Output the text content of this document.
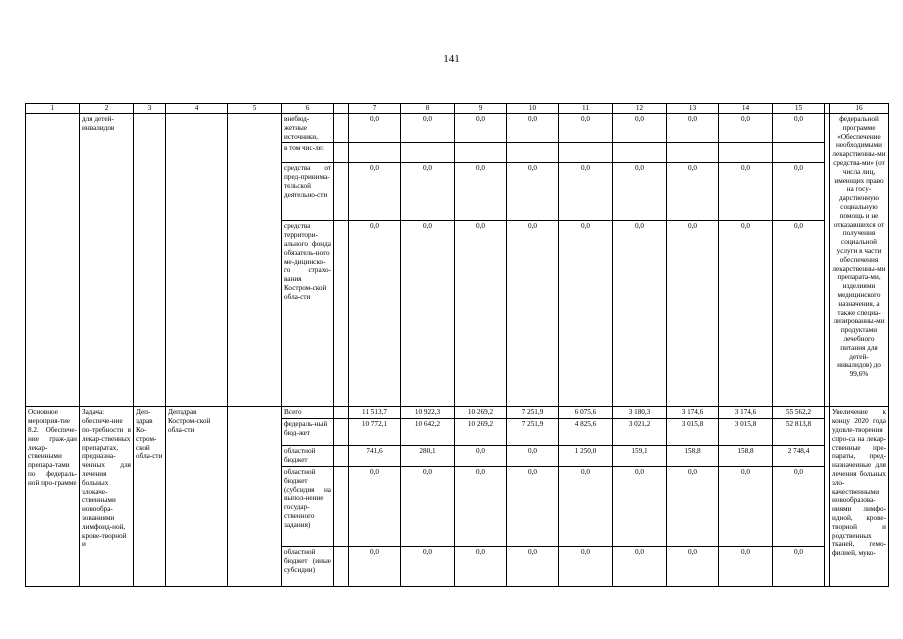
141
1	2	3	4	5	6		7	8	9	10	11	12	13	14	15		16
	для детей-инвалидов				внебюд-жетные источники,		0,0	0,0	0,0	0,0	0,0	0,0	0,0	0,0	0,0		федеральной программе «Обеспечение необходимыми лекарственны-ми средства-ми» (от числа лиц, имеющих право на госу-дарственную социальную помощь и не отказавшихся от получения социальной услуги в части обеспечения лекарственны-ми препарата-ми, изделиями медицинского назначения, а также специа-лизированны-ми продуктами лечебного питания для детей-инвалидов) до 99,6%
					в том чис-ле:												
					средства от пред-принима-тельской деятельно-сти		0,0	0,0	0,0	0,0	0,0	0,0	0,0	0,0	0,0		
					средства территори-ального фонда обязатель-ного ме-дицинско-го страхо-вания Костром-ской обла-сти		0,0	0,0	0,0	0,0	0,0	0,0	0,0	0,0	0,0		
Основное мероприя-тие 8.2. Обеспече-ние граж-дан лекар-ственными препара-тами по федераль-ной про-грамме	Задача: обеспече-ние по-требности в лекар-ственных препаратах, предназна-ченных для лечения больных злокаче-ственными новообра-зованиями лимфоид-ной, крове-творной и	Деп-здрав Ко-стром-ской обла-сти	Депздрав Костром-ской обла-сти		Всего		11 513,7	10 922,3	10 269,2	7 251,9	6 075,6	3 180,3	3 174,6	3 174,6	55 562,2		Увеличение к концу 2020 года удовле-творения спро-са на лекар-ственные пре-параты, пред-назначенные для лечения больных зло-качественными новообразова-ниями лимфо-идной, крове-творной и родственных тканей, гемо-филией, муко-
					федераль-ный бюд-жет		10 772,1	10 642,2	10 269,2	7 251,9	4 825,6	3 021,2	3 015,8	3 015,8	52 813,8		
					областной бюджет		741,6	280,1	0,0	0,0	1 250,0	159,1	158,8	158,8	2 748,4		
					областной бюджет (субсидия на выпол-нение государ-ственного задания)		0,0	0,0	0,0	0,0	0,0	0,0	0,0	0,0	0,0		
					областной бюджет (иные субсидии)		0,0	0,0	0,0	0,0	0,0	0,0	0,0	0,0	0,0		
